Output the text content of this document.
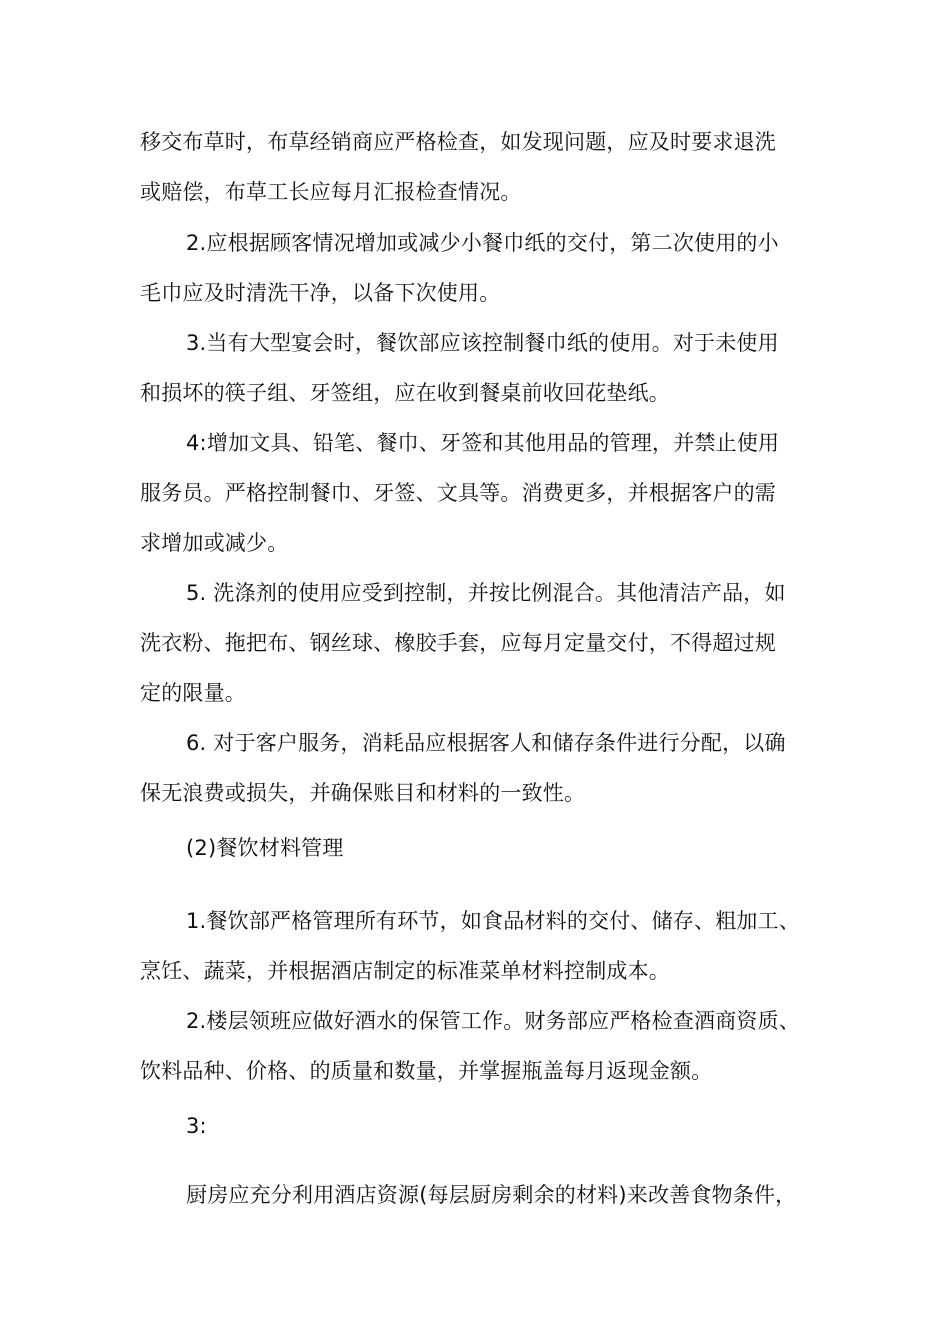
移交布草时，布草经销商应严格检查，如发现问题，应及时要求退洗
或赔偿，布草工长应每月汇报检查情况。
2.应根据顾客情况增加或减少小餐巾纸的交付，第二次使用的小
毛巾应及时清洗干净，以备下次使用。
3.当有大型宴会时，餐饮部应该控制餐巾纸的使用。对于未使用
和损坏的筷子组、牙签组，应在收到餐桌前收回花垫纸。
4:增加文具、铅笔、餐巾、牙签和其他用品的管理，并禁止使用
服务员。严格控制餐巾、牙签、文具等。消费更多，并根据客户的需
求增加或减少。
5. 洗涤剂的使用应受到控制，并按比例混合。其他清洁产品，如
洗衣粉、拖把布、钢丝球、橡胶手套，应每月定量交付，不得超过规
定的限量。
6. 对于客户服务，消耗品应根据客人和储存条件进行分配，以确
保无浪费或损失，并确保账目和材料的一致性。
(2)餐饮材料管理
1.餐饮部严格管理所有环节，如食品材料的交付、储存、粗加工、
烹饪、蔬菜，并根据酒店制定的标准菜单材料控制成本。
2.楼层领班应做好酒水的保管工作。财务部应严格检查酒商资质、
饮料品种、价格、的质量和数量，并掌握瓶盖每月返现金额。
3:
厨房应充分利用酒店资源(每层厨房剩余的材料)来改善食物条件，
